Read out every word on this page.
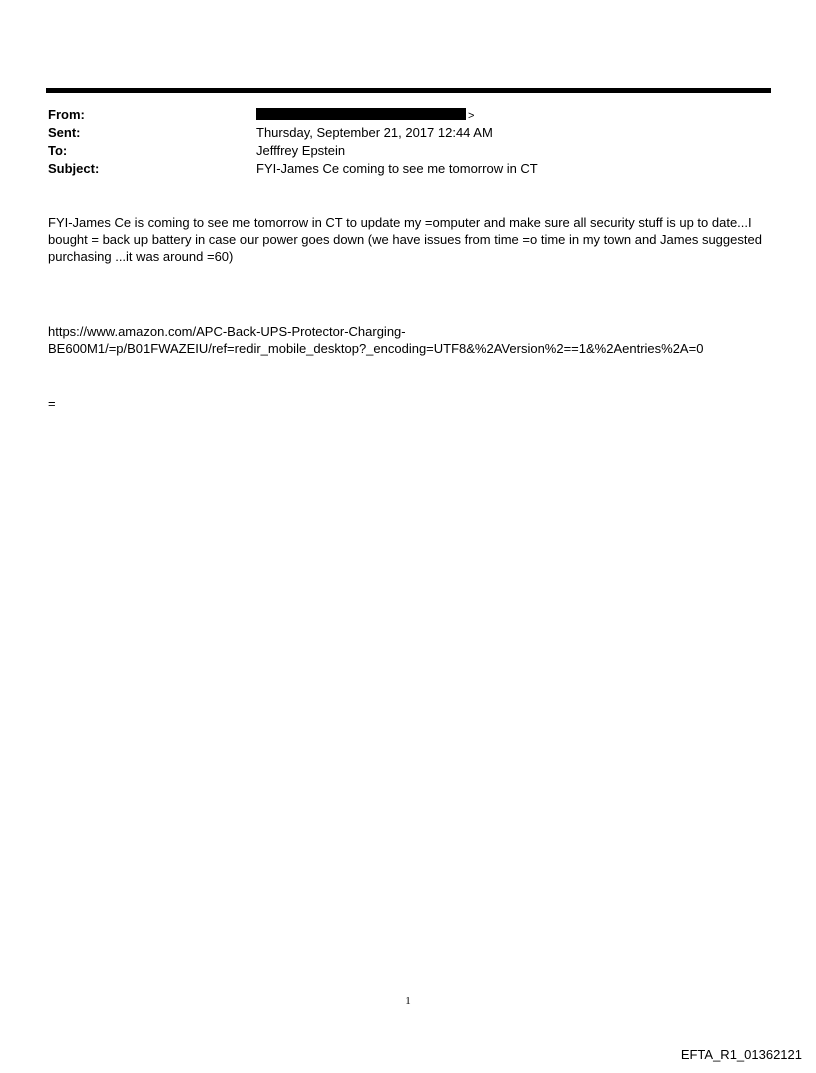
From:	>
Sent:	Thursday, September 21, 2017 12:44 AM
To:	Jefffrey Epstein
Subject:	FYI-James Ce coming to see me tomorrow in CT
FYI-James Ce is coming to see me tomorrow in CT to update my =omputer and make sure all security stuff is up to date...I bought = back up battery in case our power goes down (we have issues from time =o time in my town and James suggested purchasing ...it was around =60)
https://www.amazon.com/APC-Back-UPS-Protector-Charging-
BE600M1/=p/B01FWAZEIU/ref=redir_mobile_desktop?_encoding=UTF8&%2AVersion%2==1&%2Aentries%2A=0
=
1
EFTA_R1_01362121
